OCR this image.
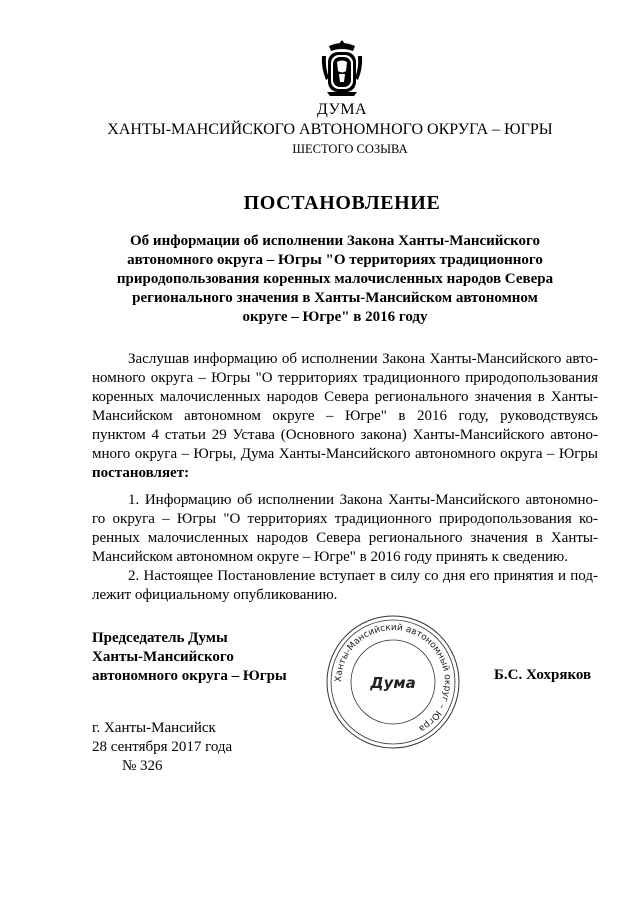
ДУМА
ХАНТЫ-МАНСИЙСКОГО АВТОНОМНОГО ОКРУГА – ЮГРЫ
ШЕСТОГО СОЗЫВА
ПОСТАНОВЛЕНИЕ
Об информации об исполнении Закона Ханты-Мансийского
автономного округа – Югры "О территориях традиционного
природопользования коренных малочисленных народов Севера
регионального значения в Ханты-Мансийском автономном
округе – Югре" в 2016 году
Заслушав информацию об исполнении Закона Ханты-Мансийского авто-
номного округа – Югры "О территориях традиционного природопользования
коренных малочисленных народов Севера регионального значения в Ханты-
Мансийском автономном округе – Югре" в 2016 году, руководствуясь
пунктом 4 статьи 29 Устава (Основного закона) Ханты-Мансийского автоно-
много округа – Югры, Дума Ханты-Мансийского автономного округа – Югры
постановляет:
1. Информацию об исполнении Закона Ханты-Мансийского автономно-
го округа – Югры "О территориях традиционного природопользования ко-
ренных малочисленных народов Севера регионального значения в Ханты-
Мансийском автономном округе – Югре" в 2016 году принять к сведению.
2. Настоящее Постановление вступает в силу со дня его принятия и под-
лежит официальному опубликованию.
Председатель Думы
Ханты-Мансийского
автономного округа – Югры	Ханты-Мансийский автономный округ – Югра
Дума	Б.С. Хохряков
г. Ханты-Мансийск
28 сентября 2017 года
№ 326
